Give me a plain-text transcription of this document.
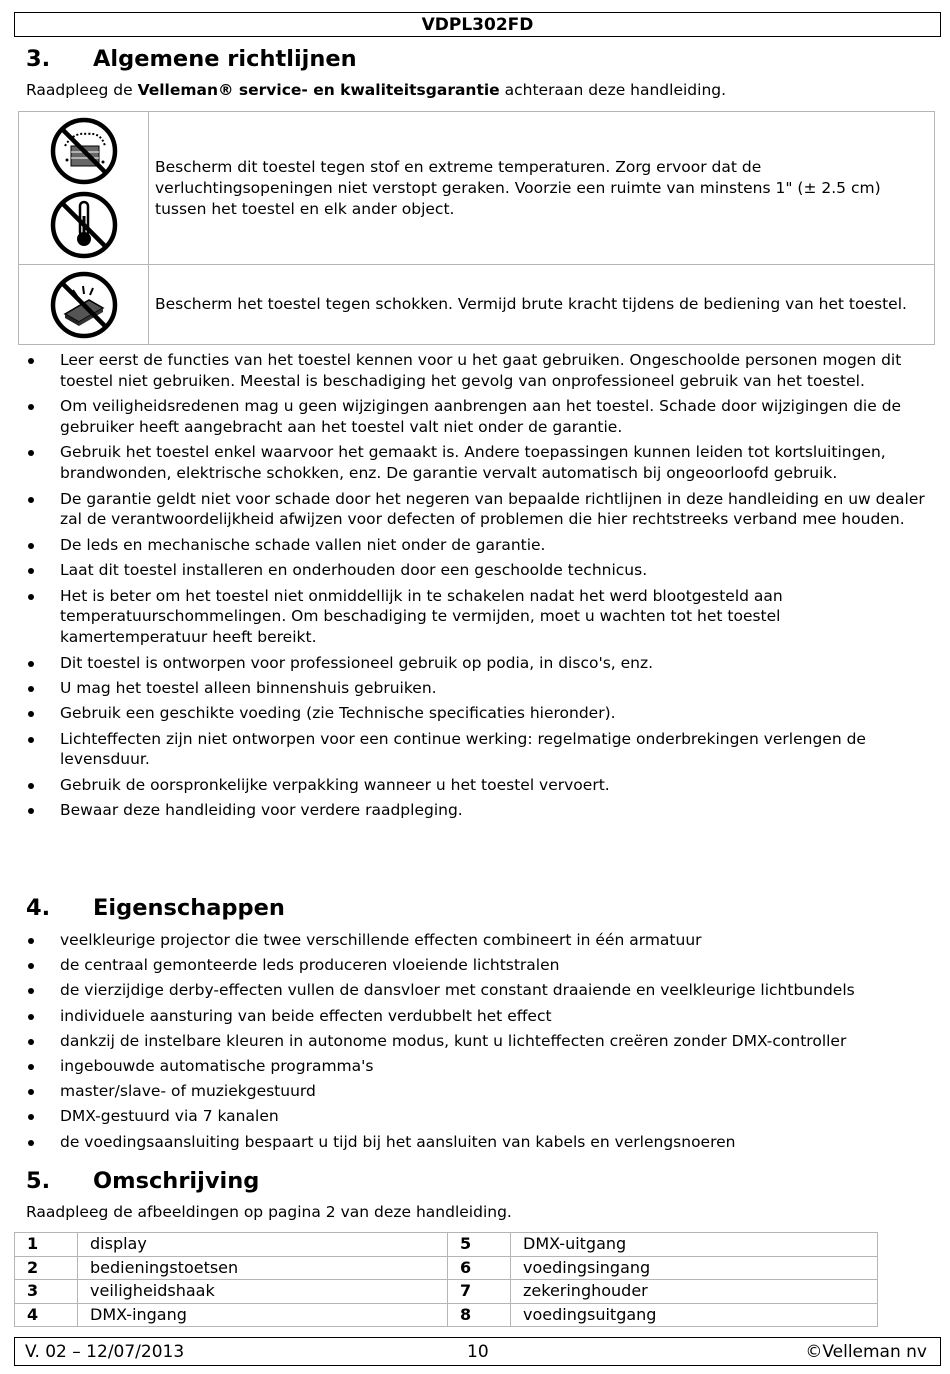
VDPL302FD
3. Algemene richtlijnen
Raadpleeg de Velleman® service- en kwaliteitsgarantie achteraan deze handleiding.
	Bescherm dit toestel tegen stof en extreme temperaturen. Zorg ervoor dat de verluchtingsopeningen niet verstopt geraken. Voorzie een ruimte van minstens 1" (± 2.5 cm) tussen het toestel en elk ander object.

	Bescherm het toestel tegen schokken. Vermijd brute kracht tijdens de bediening van het toestel.
Leer eerst de functies van het toestel kennen voor u het gaat gebruiken. Ongeschoolde personen mogen dit toestel niet gebruiken. Meestal is beschadiging het gevolg van onprofessioneel gebruik van het toestel.
Om veiligheidsredenen mag u geen wijzigingen aanbrengen aan het toestel. Schade door wijzigingen die de gebruiker heeft aangebracht aan het toestel valt niet onder de garantie.
Gebruik het toestel enkel waarvoor het gemaakt is. Andere toepassingen kunnen leiden tot kortsluitingen, brandwonden, elektrische schokken, enz. De garantie vervalt automatisch bij ongeoorloofd gebruik.
De garantie geldt niet voor schade door het negeren van bepaalde richtlijnen in deze handleiding en uw dealer zal de verantwoordelijkheid afwijzen voor defecten of problemen die hier rechtstreeks verband mee houden.
De leds en mechanische schade vallen niet onder de garantie.
Laat dit toestel installeren en onderhouden door een geschoolde technicus.
Het is beter om het toestel niet onmiddellijk in te schakelen nadat het werd blootgesteld aan temperatuurschommelingen. Om beschadiging te vermijden, moet u wachten tot het toestel kamertemperatuur heeft bereikt.
Dit toestel is ontworpen voor professioneel gebruik op podia, in disco's, enz.
U mag het toestel alleen binnenshuis gebruiken.
Gebruik een geschikte voeding (zie Technische specificaties hieronder).
Lichteffecten zijn niet ontworpen voor een continue werking: regelmatige onderbrekingen verlengen de levensduur.
Gebruik de oorspronkelijke verpakking wanneer u het toestel vervoert.
Bewaar deze handleiding voor verdere raadpleging.
4. Eigenschappen
veelkleurige projector die twee verschillende effecten combineert in één armatuur
de centraal gemonteerde leds produceren vloeiende lichtstralen
de vierzijdige derby-effecten vullen de dansvloer met constant draaiende en veelkleurige lichtbundels
individuele aansturing van beide effecten verdubbelt het effect
dankzij de instelbare kleuren in autonome modus, kunt u lichteffecten creëren zonder DMX-controller
ingebouwde automatische programma's
master/slave- of muziekgestuurd
DMX-gestuurd via 7 kanalen
de voedingsaansluiting bespaart u tijd bij het aansluiten van kabels en verlengsnoeren
5. Omschrijving
Raadpleeg de afbeeldingen op pagina 2 van deze handleiding.
1	display	5	DMX-uitgang
2	bedieningstoetsen	6	voedingsingang
3	veiligheidshaak	7	zekeringhouder
4	DMX-ingang	8	voedingsuitgang
V. 02 – 12/07/2013	10	©Velleman nv
